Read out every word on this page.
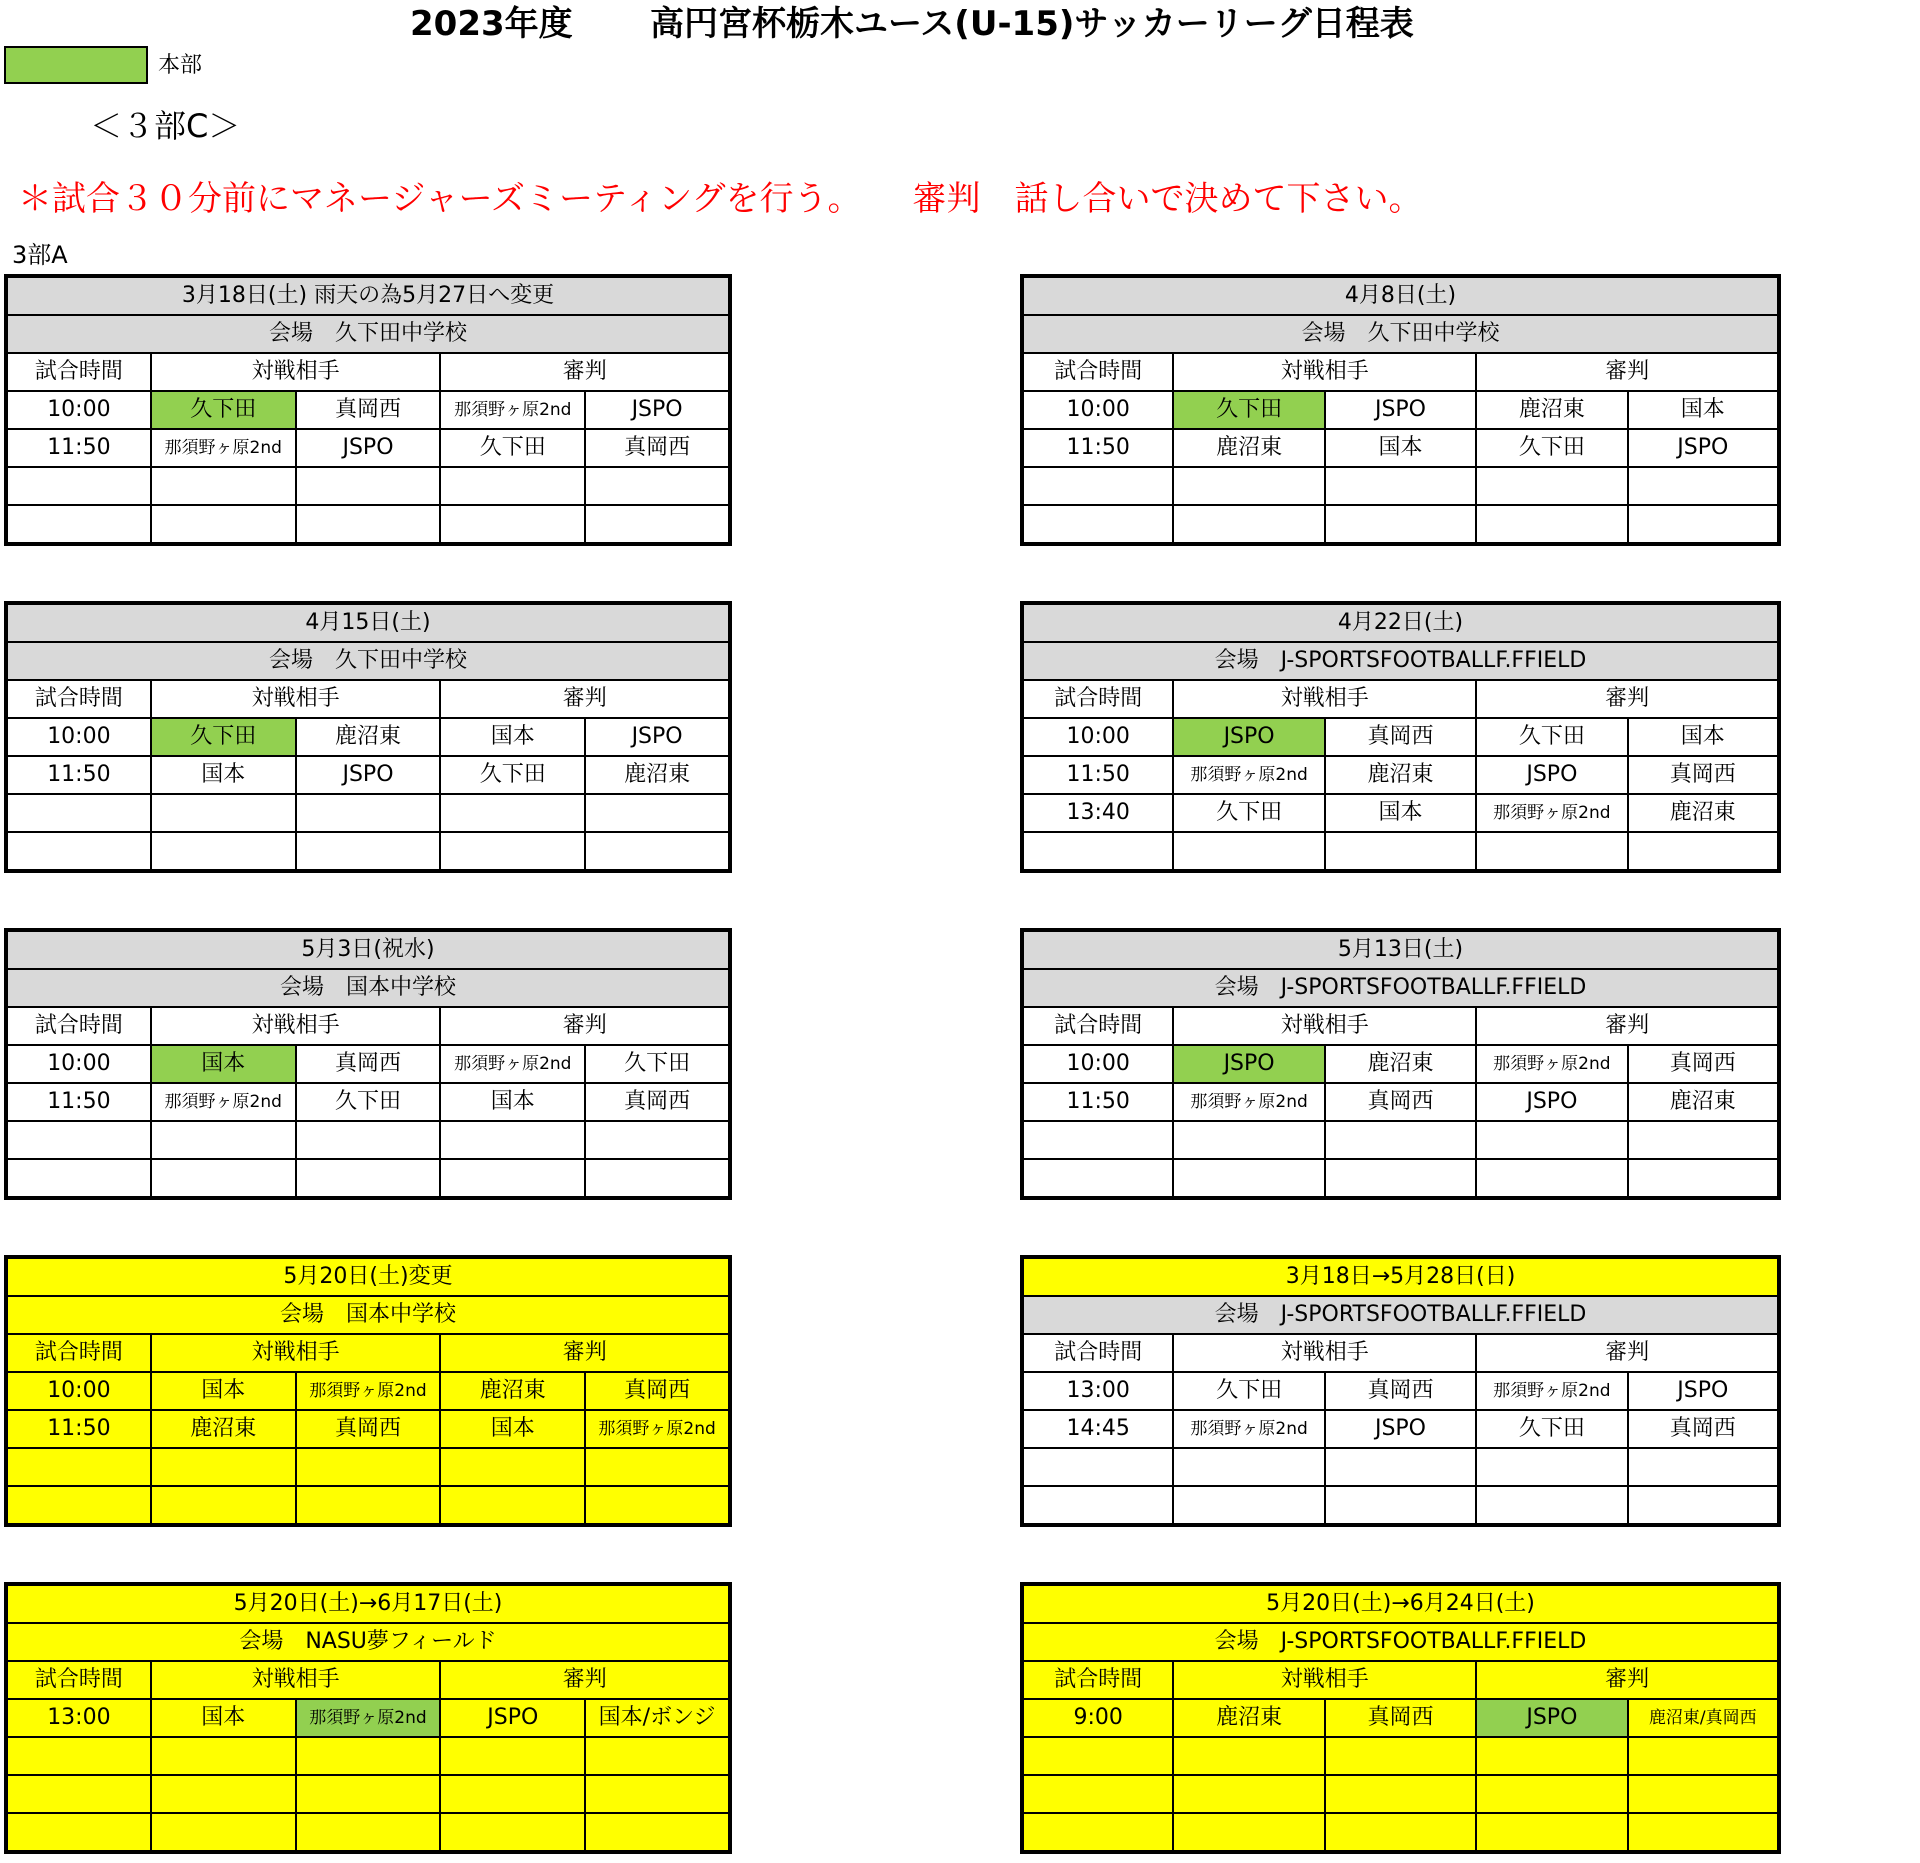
2023年度 高円宮杯栃木ユース(U-15)サッカーリーグ日程表
本部
＜３部C＞
＊試合３０分前にマネージャーズミーティングを行う。　　審判　話し合いで決めて下さい。
3部A
3月18日(土) 雨天の為5月27日へ変更				
会場　久下田中学校				
試合時間	対戦相手		審判	
10:00	久下田	真岡西	那須野ヶ原2nd	JSPO
11:50	那須野ヶ原2nd	JSPO	久下田	真岡西

4月8日(土)				
会場　久下田中学校				
試合時間	対戦相手		審判	
10:00	久下田	JSPO	鹿沼東	国本
11:50	鹿沼東	国本	久下田	JSPO

4月15日(土)				
会場　久下田中学校				
試合時間	対戦相手		審判	
10:00	久下田	鹿沼東	国本	JSPO
11:50	国本	JSPO	久下田	鹿沼東

4月22日(土)				
会場　J-SPORTSFOOTBALLF.FFIELD				
試合時間	対戦相手		審判	
10:00	JSPO	真岡西	久下田	国本
11:50	那須野ヶ原2nd	鹿沼東	JSPO	真岡西
13:40	久下田	国本	那須野ヶ原2nd	鹿沼東

5月3日(祝水)				
会場　国本中学校				
試合時間	対戦相手		審判	
10:00	国本	真岡西	那須野ヶ原2nd	久下田
11:50	那須野ヶ原2nd	久下田	国本	真岡西

5月13日(土)				
会場　J-SPORTSFOOTBALLF.FFIELD				
試合時間	対戦相手		審判	
10:00	JSPO	鹿沼東	那須野ヶ原2nd	真岡西
11:50	那須野ヶ原2nd	真岡西	JSPO	鹿沼東

5月20日(土)変更				
会場　国本中学校				
試合時間	対戦相手		審判	
10:00	国本	那須野ヶ原2nd	鹿沼東	真岡西
11:50	鹿沼東	真岡西	国本	那須野ヶ原2nd

3月18日→5月28日(日)				
会場　J-SPORTSFOOTBALLF.FFIELD				
試合時間	対戦相手		審判	
13:00	久下田	真岡西	那須野ヶ原2nd	JSPO
14:45	那須野ヶ原2nd	JSPO	久下田	真岡西

5月20日(土)→6月17日(土)				
会場　NASU夢フィールド				
試合時間	対戦相手		審判	
13:00	国本	那須野ヶ原2nd	JSPO	国本/ボンジ

5月20日(土)→6月24日(土)				
会場　J-SPORTSFOOTBALLF.FFIELD				
試合時間	対戦相手		審判	
9:00	鹿沼東	真岡西	JSPO	鹿沼東/真岡西
